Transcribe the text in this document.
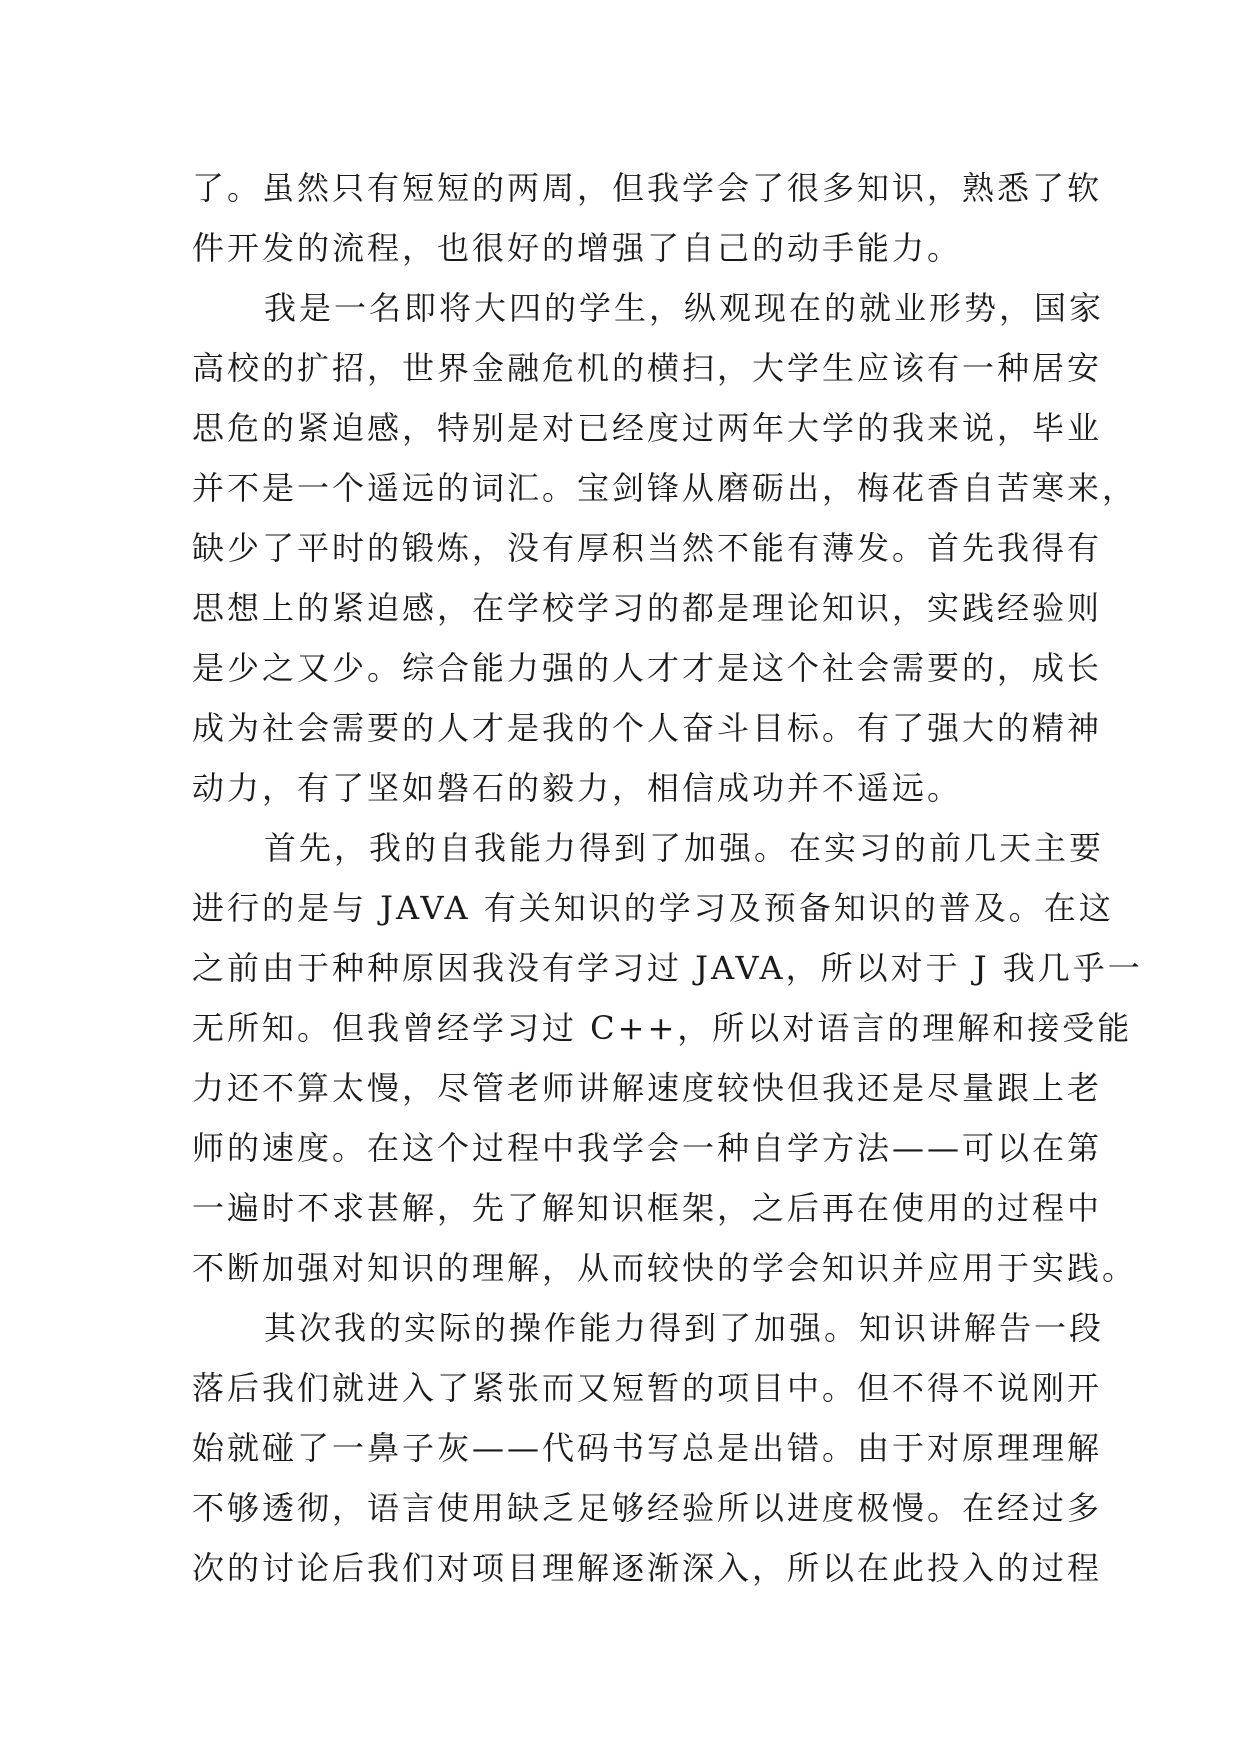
了。虽然只有短短的两周，但我学会了很多知识，熟悉了软
件开发的流程，也很好的增强了自己的动手能力。
我是一名即将大四的学生，纵观现在的就业形势，国家
高校的扩招，世界金融危机的横扫，大学生应该有一种居安
思危的紧迫感，特别是对已经度过两年大学的我来说，毕业
并不是一个遥远的词汇。宝剑锋从磨砺出，梅花香自苦寒来，
缺少了平时的锻炼，没有厚积当然不能有薄发。首先我得有
思想上的紧迫感，在学校学习的都是理论知识，实践经验则
是少之又少。综合能力强的人才才是这个社会需要的，成长
成为社会需要的人才是我的个人奋斗目标。有了强大的精神
动力，有了坚如磐石的毅力，相信成功并不遥远。
首先，我的自我能力得到了加强。在实习的前几天主要
进行的是与 JAVA 有关知识的学习及预备知识的普及。在这
之前由于种种原因我没有学习过 JAVA，所以对于 J 我几乎一
无所知。但我曾经学习过 C++，所以对语言的理解和接受能
力还不算太慢，尽管老师讲解速度较快但我还是尽量跟上老
师的速度。在这个过程中我学会一种自学方法——可以在第
一遍时不求甚解，先了解知识框架，之后再在使用的过程中
不断加强对知识的理解，从而较快的学会知识并应用于实践。
其次我的实际的操作能力得到了加强。知识讲解告一段
落后我们就进入了紧张而又短暂的项目中。但不得不说刚开
始就碰了一鼻子灰——代码书写总是出错。由于对原理理解
不够透彻，语言使用缺乏足够经验所以进度极慢。在经过多
次的讨论后我们对项目理解逐渐深入，所以在此投入的过程
